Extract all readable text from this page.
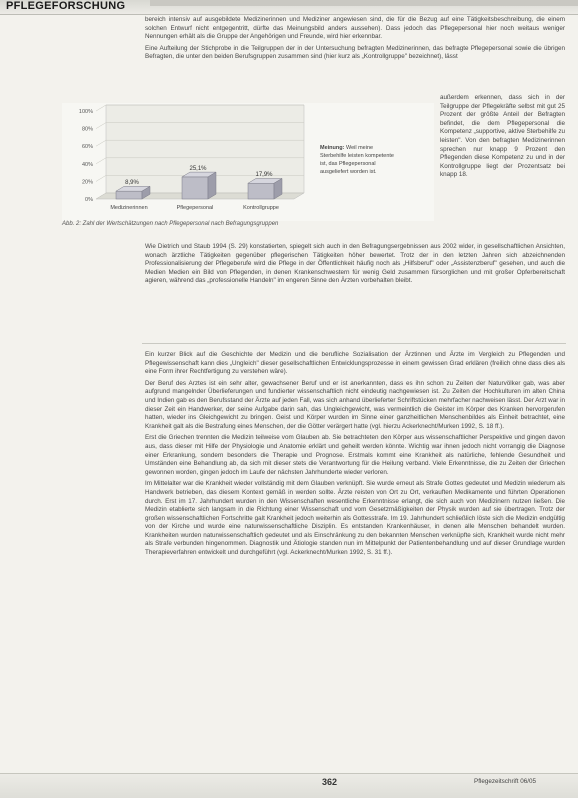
PFLEGEFORSCHUNG

bereich intensiv auf ausgebildete Medizinerinnen und Mediziner angewiesen sind, die für die Bezug auf eine Tätigkeitsbeschreibung, die einem solchen Entwurf nicht entgegentritt, dürfte das Meinungsbild anders aussehen). Dass jedoch das Pflegepersonal hier noch weitaus weniger Nennungen erhält als die Gruppe der Angehörigen und Freunde, wird hier erkennbar.

Eine Aufteilung der Stichprobe in die Teilgruppen der in der Untersuchung befragten Medizinerinnen, das befragte Pflegepersonal sowie die übrigen Befragten, die unter den beiden Berufsgruppen zusammen sind (hier kurz als „Kontrollgruppe" bezeichnet), lässt

außerdem erkennen, dass sich in der Teilgruppe der Pflegekräfte selbst mit gut 25 Prozent der größte Anteil der Befragten befindet, die dem Pflegepersonal die Kompetenz „supportive, aktive Sterbehilfe zu leisten". Von den befragten Medizinerinnen sprechen nur knapp 9 Prozent den Pflegenden diese Kompetenz zu und in der Kontrollgruppe liegt der Prozentsatz bei knapp 18.

100%
80%
60%
40%
20%
0%
8,9%
Medizinerinnen
25,1%
Pflegepersonal
17,9%
Kontrollgruppe
Meinung: Weil meine
Sterbehilfe leisten kompetente
ist, das Pflegepersonal
ausgeliefert worden ist.
Abb. 2: Zahl der Wertschätzungen nach Pflegepersonal nach Befragungsgruppen

Wie Dietrich und Staub 1994 (S. 29) konstatierten, spiegelt sich auch in den Befragungsergebnissen aus 2002 wider, in gesellschaftlichen Ansichten, wonach ärztliche Tätigkeiten gegenüber pflegerischen Tätigkeiten höher bewertet. Trotz der in den letzten Jahren sich abzeichnenden Professionalisierung der Pflegeberufe wird die Pflege in der Öffentlichkeit häufig noch als „Hilfsberuf" oder „Assistenzberuf" gesehen, und auch die Medien Medien ein Bild von Pflegenden, in denen Krankenschwestern für wenig Geld zusammen fürsorglichen und mit großer Opferbereitschaft agieren, während das „professionelle Handeln" im engeren Sinne den Ärzten vorbehalten bleibt.

Ein kurzer Blick auf die Geschichte der Medizin und die berufliche Sozialisation der Ärztinnen und Ärzte im Vergleich zu Pflegenden und Pflegewissenschaft kann dies „Ungleich" dieser gesellschaftlichen Entwicklungsprozesse in einem gewissen Grad erklären (freilich ohne dass dies als eine Form ihrer Rechtfertigung zu verstehen wäre).

Der Beruf des Arztes ist ein sehr alter, gewachsener Beruf und er ist anerkannten, dass es ihn schon zu Zeiten der Naturvölker gab, was aber aufgrund mangelnder Überlieferungen und fundierter wissenschaftlich nicht eindeutig nachgewiesen ist. Zu Zeiten der Hochkulturen im alten China und Indien gab es den Berufsstand der Ärzte auf jeden Fall, was sich anhand überlieferter Schriftstücken mehrfacher nachweisen lässt. Der Arzt war in dieser Zeit ein Handwerker, der seine Aufgabe darin sah, das Ungleichgewicht, was vermeintlich die Geister im Körper des Kranken hervorgerufen hatten, wieder ins Gleichgewicht zu bringen. Geist und Körper wurden im Sinne einer ganzheitlichen Menschenbildes als Einheit betrachtet, eine Krankheit galt als die Bestrafung eines Menschen, der die Götter verärgert hatte (vgl. hierzu Ackerknecht/Murken 1992, S. 18 ff.).

Erst die Griechen trennten die Medizin teilweise vom Glauben ab. Sie betrachteten den Körper aus wissenschaftlicher Perspektive und gingen davon aus, dass dieser mit Hilfe der Physiologie und Anatomie erklärt und geheilt werden könnte. Wichtig war ihnen jedoch nicht vorrangig die Diagnose einer Erkrankung, sondern besonders die Therapie und Prognose. Erstmals kommt eine Krankheit als natürliche, fehlende Gesundheit und Umständen eine Behandlung ab, da sich mit dieser stets die Verantwortung für die Heilung verband. Viele Erkenntnisse, die zu Zeiten der Griechen gewonnen worden, gingen jedoch im Laufe der nächsten Jahrhunderte wieder verloren.

Im Mittelalter war die Krankheit wieder vollständig mit dem Glauben verknüpft. Sie wurde erneut als Strafe Gottes gedeutet und Medizin wiederum als Handwerk betrieben, das diesem Kontext gemäß in werden sollte. Ärzte reisten von Ort zu Ort, verkauften Medikamente und führten Operationen durch. Erst im 17. Jahrhundert wurden in den Wissenschaften wesentliche Erkenntnisse erlangt, die sich auch von Medizinern nutzen ließen. Die Medizin etablierte sich langsam in die Richtung einer Wissenschaft und vom Gesetzmäßigkeiten der Physik wurden auf sie übertragen. Trotz der großen wissenschaftlichen Fortschritte galt Krankheit jedoch weiterhin als Gottesstrafe. Im 19. Jahrhundert schließlich löste sich die Medizin endgültig von der Kirche und wurde eine naturwissenschaftliche Disziplin. Es entstanden Krankenhäuser, in denen alle Menschen behandelt wurden. Krankheiten wurden naturwissenschaftlich gedeutet und als Einschränkung zu den bekannten Menschen verknüpfte sich, Krankheit wurde nicht mehr als Strafe verbunden hingenommen. Diagnostik und Ätiologie standen nun im Mittelpunkt der Patientenbehandlung und auf dieser Grundlage wurden Therapieverfahren entwickelt und durchgeführt (vgl. Ackerknecht/Murken 1992, S. 31 ff.).

362	Pflegezeitschrift 06/05
